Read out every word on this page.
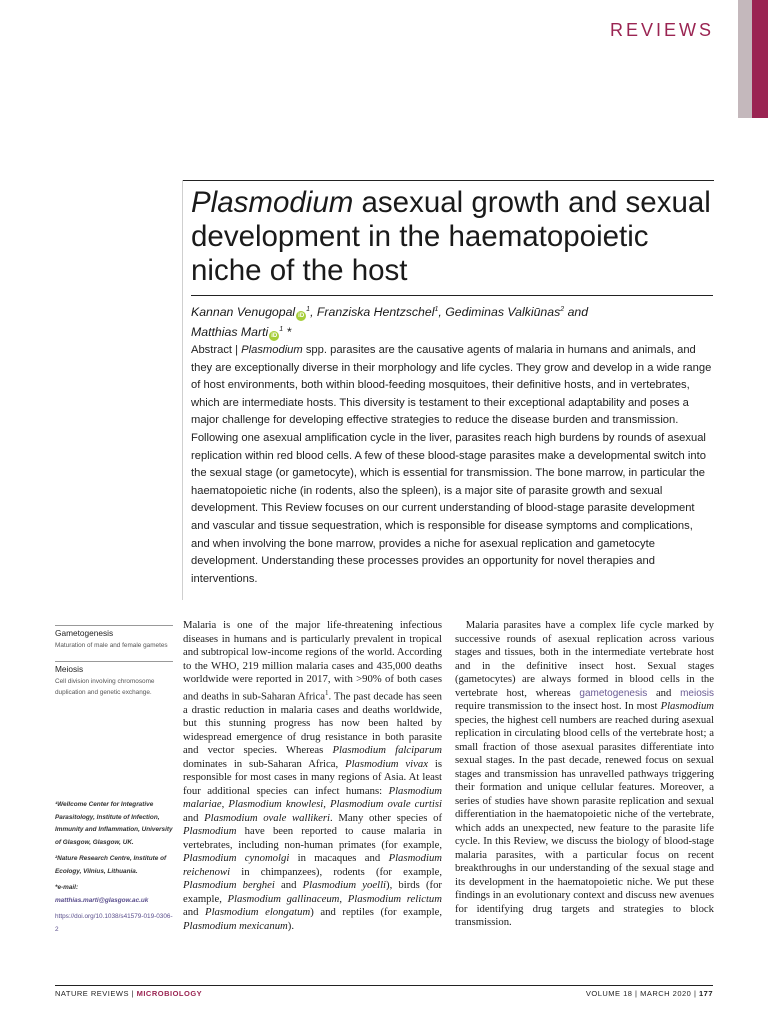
REVIEWS
Plasmodium asexual growth and sexual development in the haematopoietic niche of the host
Kannan Venugopal $iD^1$, Franziska Hentzschel$^1$, Gediminas Valkiūnas$^2$ and
Matthias Marti $iD^1$ *

Abstract | Plasmodium spp. parasites are the causative agents of malaria in humans and animals, and they are exceptionally diverse in their morphology and life cycles. They grow and develop in a wide range of host environments, both within blood-feeding mosquitoes, their definitive hosts, and in vertebrates, which are intermediate hosts. This diversity is testament to their exceptional adaptability and poses a major challenge for developing effective strategies to reduce the disease burden and transmission. Following one asexual amplification cycle in the liver, parasites reach high burdens by rounds of asexual replication within red blood cells. A few of these blood-stage parasites make a developmental switch into the sexual stage (or gametocyte), which is essential for transmission. The bone marrow, in particular the haematopoietic niche (in rodents, also the spleen), is a major site of parasite growth and sexual development. This Review focuses on our current understanding of blood-stage parasite development and vascular and tissue sequestration, which is responsible for disease symptoms and complications, and when involving the bone marrow, provides a niche for asexual replication and gametocyte development. Understanding these processes provides an opportunity for novel therapies and interventions.

Gametogenesis

Maturation of male and female gametes

Meiosis

Cell division involving chromosome duplication and genetic exchange.

¹Wellcome Center for Integrative Parasitology, Institute of Infection, Immunity and Inflammation, University of Glasgow, Glasgow, UK.

²Nature Research Centre, Institute of Ecology, Vilnius, Lithuania.

*e-mail: matthias.marti@glasgow.ac.uk

https://doi.org/10.1038/s41579-019-0306-2

Malaria is one of the major life-threatening infectious diseases in humans and is particularly prevalent in tropical and subtropical low-income regions of the world. According to the WHO, 219 million malaria cases and 435,000 deaths worldwide were reported in 2017, with >90% of both cases and deaths in sub-Saharan Africa$^1$. The past decade has seen a drastic reduction in malaria cases and deaths worldwide, but this stunning progress has now been halted by widespread emergence of drug resistance in both parasite and vector species. Whereas Plasmodium falciparum dominates in sub-Saharan Africa, Plasmodium vivax is responsible for most cases in many regions of Asia. At least four additional species can infect humans: Plasmodium malariae, Plasmodium knowlesi, Plasmodium ovale curtisi and Plasmodium ovale wallikeri. Many other species of Plasmodium have been reported to cause malaria in vertebrates, including non-human primates (for example, Plasmodium cynomolgi in macaques and Plasmodium reichenowi in chimpanzees), rodents (for example, Plasmodium berghei and Plasmodium yoelli), birds (for example, Plasmodium gallinaceum, Plasmodium relictum and Plasmodium elongatum) and reptiles (for example, Plasmodium mexicanum).

Malaria parasites have a complex life cycle marked by successive rounds of asexual replication across various stages and tissues, both in the intermediate vertebrate host and in the definitive insect host. Sexual stages (gametocytes) are always formed in blood cells in the vertebrate host, whereas gametogenesis and meiosis require transmission to the insect host. In most Plasmodium species, the highest cell numbers are reached during asexual replication in circulating blood cells of the vertebrate host; a small fraction of those asexual parasites differentiate into sexual stages. In the past decade, renewed focus on sexual stages and transmission has unravelled pathways triggering their formation and unique cellular features. Moreover, a series of studies have shown parasite replication and sexual differentiation in the haematopoietic niche of the vertebrate, which adds an unexpected, new feature to the parasite life cycle. In this Review, we discuss the biology of blood-stage malaria parasites, with a particular focus on recent breakthroughs in our understanding of the sexual stage and its development in the haematopoietic niche. We put these findings in an evolutionary context and discuss new avenues for identifying drug targets and strategies to block transmission.

NATURE REVIEWS | MICROBIOLOGY	VOLUME 18 | MARCH 2020 | 177
